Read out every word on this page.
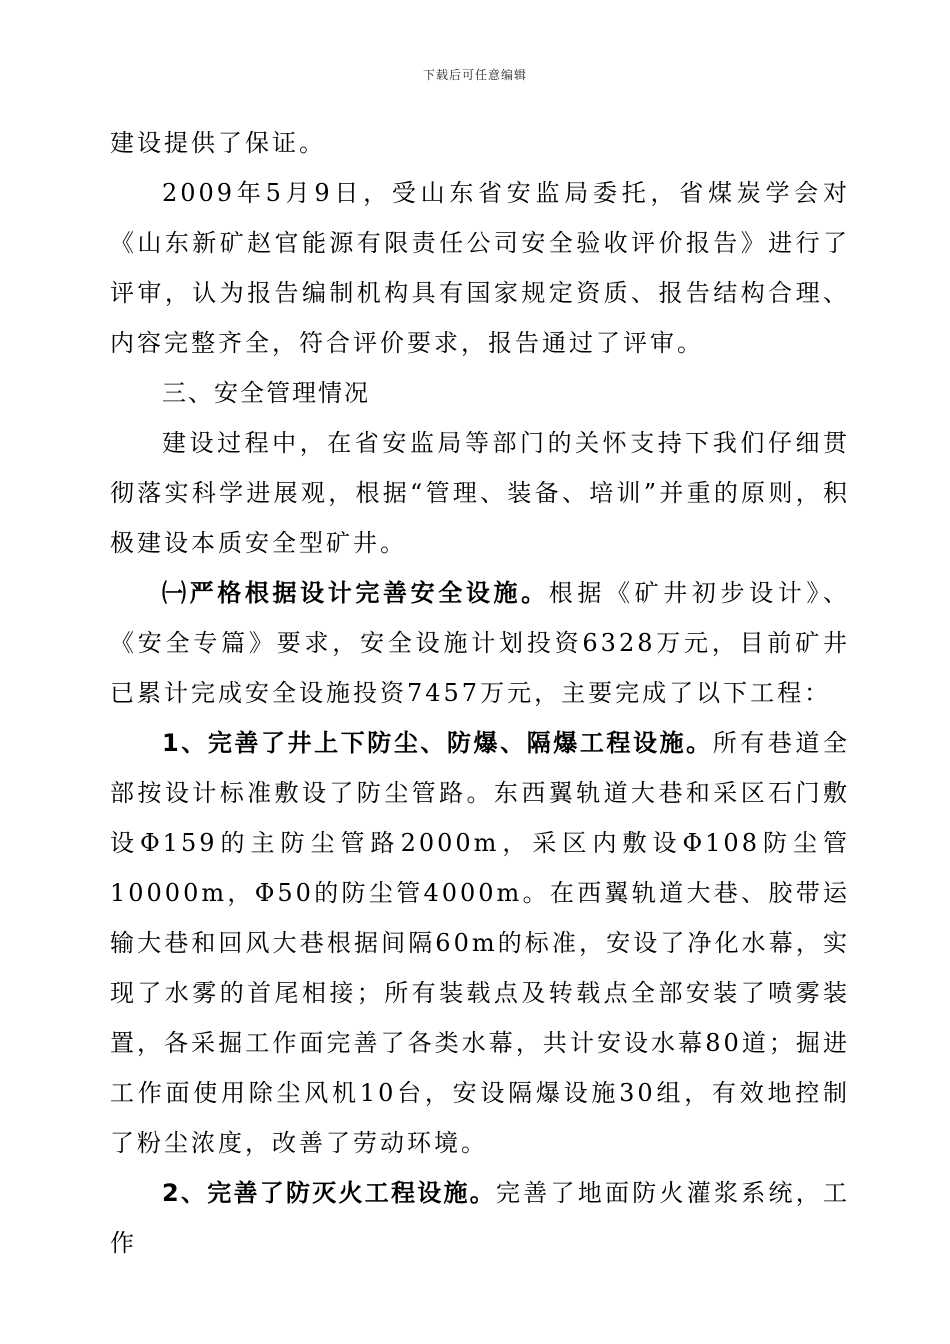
下载后可任意编辑

建设提供了保证。

2009年5月9日，受山东省安监局委托，省煤炭学会对《山东新矿赵官能源有限责任公司安全验收评价报告》进行了评审，认为报告编制机构具有国家规定资质、报告结构合理、内容完整齐全，符合评价要求，报告通过了评审。

三、安全管理情况

建设过程中，在省安监局等部门的关怀支持下我们仔细贯彻落实科学进展观，根据“管理、装备、培训”并重的原则，积极建设本质安全型矿井。

㈠严格根据设计完善安全设施。根据《矿井初步设计》、《安全专篇》要求，安全设施计划投资6328万元，目前矿井已累计完成安全设施投资7457万元，主要完成了以下工程：

1、完善了井上下防尘、防爆、隔爆工程设施。所有巷道全部按设计标准敷设了防尘管路。东西翼轨道大巷和采区石门敷设Φ159的主防尘管路2000m，采区内敷设Φ108防尘管10000m，Φ50的防尘管4000m。在西翼轨道大巷、胶带运输大巷和回风大巷根据间隔60m的标准，安设了净化水幕，实现了水雾的首尾相接；所有装载点及转载点全部安装了喷雾装置，各采掘工作面完善了各类水幕，共计安设水幕80道；掘进工作面使用除尘风机10台，安设隔爆设施30组，有效地控制了粉尘浓度，改善了劳动环境。

2、完善了防灭火工程设施。完善了地面防火灌浆系统，工作
